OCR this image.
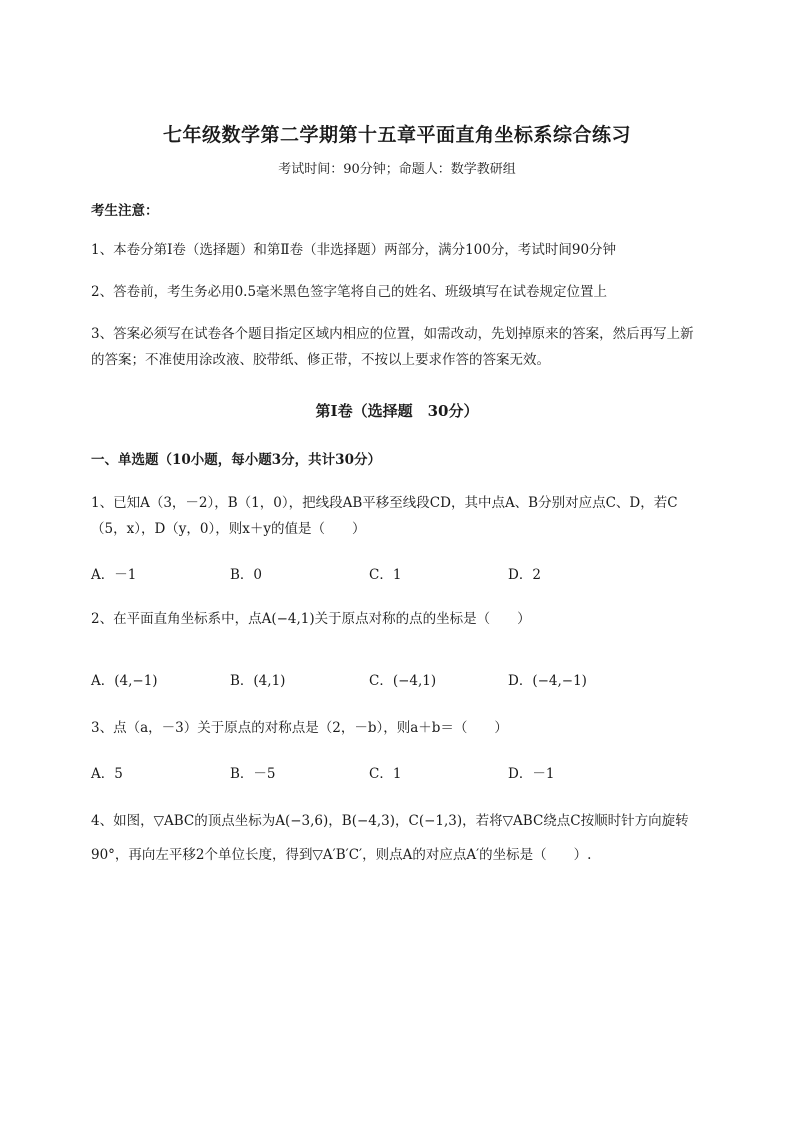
七年级数学第二学期第十五章平面直角坐标系综合练习
考试时间：90分钟；命题人：数学教研组
考生注意：
1、本卷分第I卷（选择题）和第Ⅱ卷（非选择题）两部分，满分100分，考试时间90分钟
2、答卷前，考生务必用0.5毫米黑色签字笔将自己的姓名、班级填写在试卷规定位置上
3、答案必须写在试卷各个题目指定区域内相应的位置，如需改动，先划掉原来的答案，然后再写上新
的答案；不准使用涂改液、胶带纸、修正带，不按以上要求作答的答案无效。
第I卷（选择题　30分）
一、单选题（10小题，每小题3分，共计30分）
1、已知A（3，－2），B（1，0），把线段AB平移至线段CD，其中点A、B分别对应点C、D，若C
（5，x），D（y，0），则x＋y的值是（　　）
A．－1	B．0	C．1	D．2
2、在平面直角坐标系中，点A(−4,1)关于原点对称的点的坐标是（　　）
A．(4,−1)	B．(4,1)	C．(−4,1)	D．(−4,−1)
3、点（a，－3）关于原点的对称点是（2，－b），则a＋b＝（　　）
A．5	B．－5	C．1	D．－1
4、如图，▽ABC的顶点坐标为A(−3,6)，B(−4,3)，C(−1,3)，若将▽ABC绕点C按顺时针方向旋转
90°，再向左平移2个单位长度，得到▽A′B′C′，则点A的对应点A′的坐标是（　　）.
